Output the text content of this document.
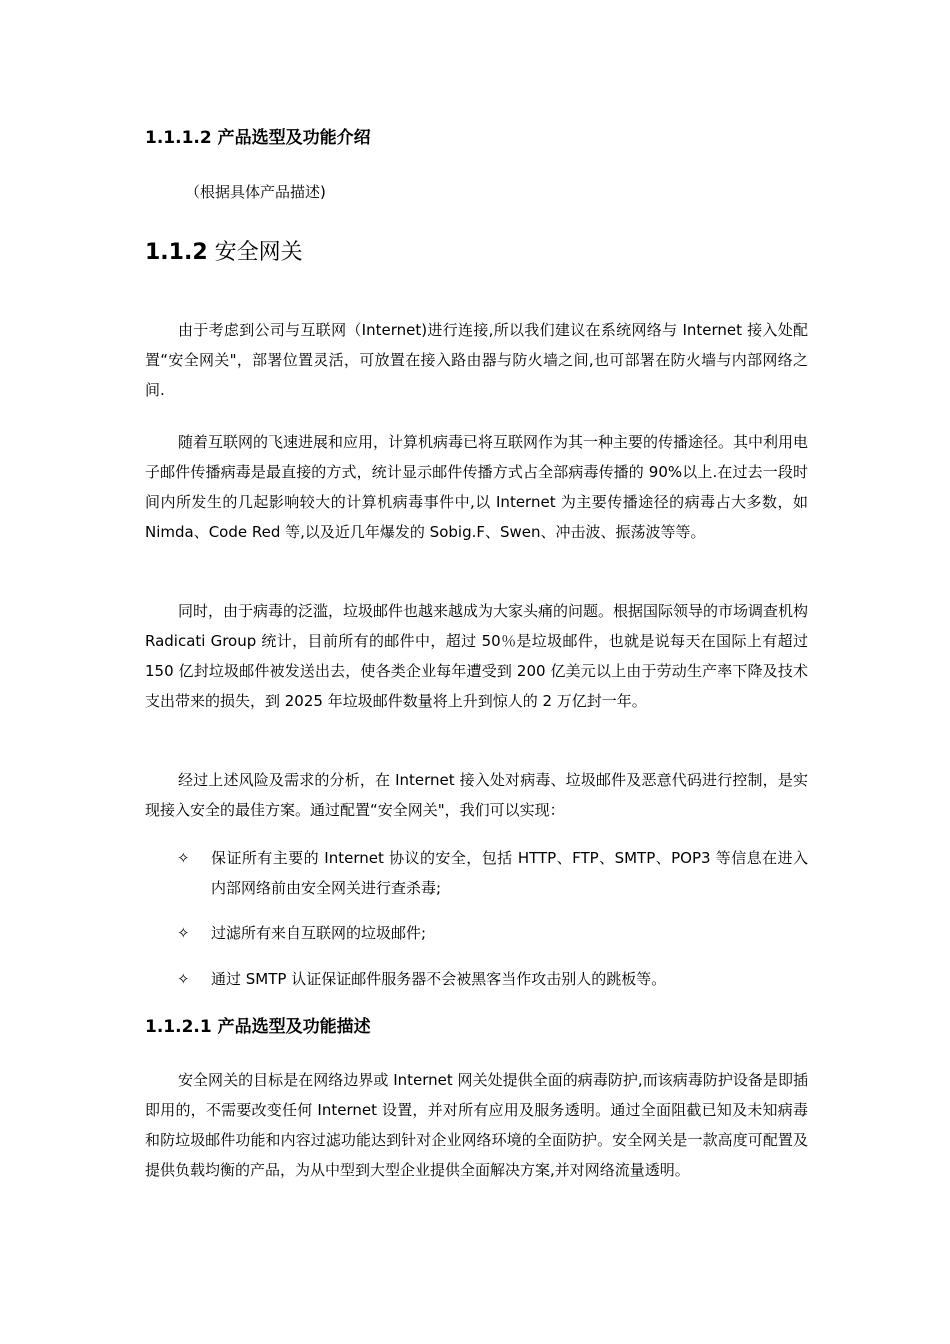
1.1.1.2 产品选型及功能介绍
（根据具体产品描述)
1.1.2 安全网关

由于考虑到公司与互联网（Internet)进行连接,所以我们建议在系统网络与 Internet 接入处配置“安全网关"，部署位置灵活，可放置在接入路由器与防火墙之间,也可部署在防火墙与内部网络之间.

随着互联网的飞速进展和应用，计算机病毒已将互联网作为其一种主要的传播途径。其中利用电子邮件传播病毒是最直接的方式，统计显示邮件传播方式占全部病毒传播的 90%以上.在过去一段时间内所发生的几起影响较大的计算机病毒事件中,以 Internet 为主要传播途径的病毒占大多数，如 Nimda、Code Red 等,以及近几年爆发的 Sobig.F、Swen、冲击波、振荡波等等。

同时，由于病毒的泛滥，垃圾邮件也越来越成为大家头痛的问题。根据国际领导的市场调查机构 Radicati Group 统计，目前所有的邮件中，超过 50％是垃圾邮件，也就是说每天在国际上有超过 150 亿封垃圾邮件被发送出去，使各类企业每年遭受到 200 亿美元以上由于劳动生产率下降及技术支出带来的损失，到 2025 年垃圾邮件数量将上升到惊人的 2 万亿封一年。

经过上述风险及需求的分析，在 Internet 接入处对病毒、垃圾邮件及恶意代码进行控制，是实现接入安全的最佳方案。通过配置“安全网关"，我们可以实现：

✧	保证所有主要的 Internet 协议的安全，包括 HTTP、FTP、SMTP、POP3 等信息在进入内部网络前由安全网关进行查杀毒;
✧	过滤所有来自互联网的垃圾邮件;
✧	通过 SMTP 认证保证邮件服务器不会被黑客当作攻击别人的跳板等。
1.1.2.1 产品选型及功能描述

安全网关的目标是在网络边界或 Internet 网关处提供全面的病毒防护,而该病毒防护设备是即插即用的，不需要改变任何 Internet 设置，并对所有应用及服务透明。通过全面阻截已知及未知病毒和防垃圾邮件功能和内容过滤功能达到针对企业网络环境的全面防护。安全网关是一款高度可配置及提供负载均衡的产品，为从中型到大型企业提供全面解决方案,并对网络流量透明。
